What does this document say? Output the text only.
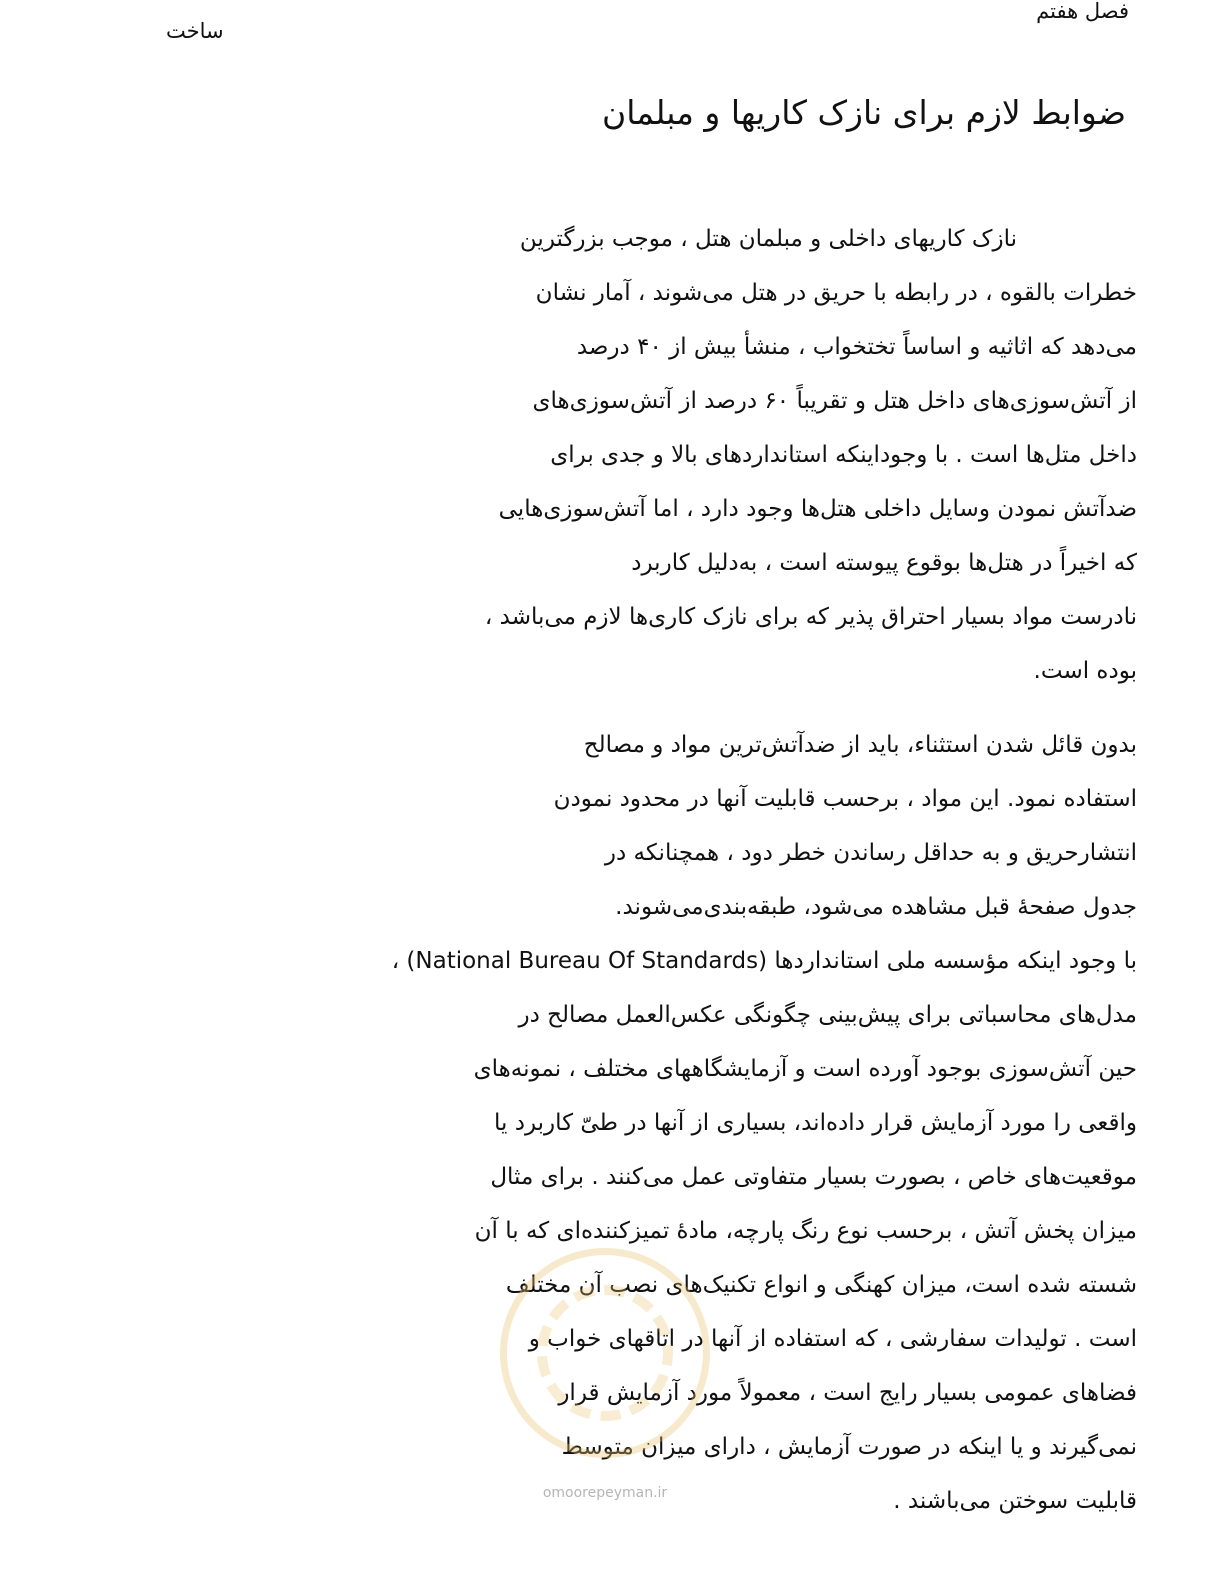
فصل هفتم
ساخت
ضوابط لازم برای نازک کاریها و مبلمان
نازک کاریهای داخلی و مبلمان هتل ، موجب بزرگترین
خطرات بالقوه ، در رابطه با حریق در هتل می‌شوند ، آمار نشان
می‌دهد که اثاثیه و اساساً تختخواب ، منشأ بیش از ۴۰ درصد
از آتش‌سوزی‌های داخل هتل و تقریباً ۶۰ درصد از آتش‌سوزی‌های
داخل متل‌ها است . با وجوداینکه استانداردهای بالا و جدی برای
ضدآتش نمودن وسایل داخلی هتل‌ها وجود دارد ، اما آتش‌سوزی‌هایی
که اخیراً در هتل‌ها بوقوع پیوسته است ، به‌دلیل کاربرد
نادرست مواد بسیار احتراق پذیر که برای نازک کاری‌ها لازم می‌باشد ،
بوده است.
بدون قائل شدن استثناء، باید از ضدآتش‌ترین مواد و مصالح
استفاده نمود. این مواد ، برحسب قابلیت آنها در محدود نمودن
انتشارحریق و به حداقل رساندن خطر دود ، همچنانکه در
جدول صفحهٔ قبل مشاهده می‌شود، طبقه‌بندی‌می‌شوند.
با وجود اینکه مؤسسه ملی استانداردها (National Bureau Of Standards) ،
مدل‌های محاسباتی برای پیش‌بینی چگونگی عکس‌العمل مصالح در
حین آتش‌سوزی بوجود آورده است و آزمایشگاههای مختلف ، نمونه‌های
واقعی را مورد آزمایش قرار داده‌اند، بسیاری از آنها در طیّ کاربرد یا
موقعیت‌های خاص ، بصورت بسیار متفاوتی عمل می‌کنند . برای مثال
میزان پخش آتش ، برحسب نوع رنگ پارچه، مادهٔ تمیزکننده‌ای که با آن
شسته شده است، میزان کهنگی و انواع تکنیک‌های نصب آن مختلف
است . تولیدات سفارشی ، که استفاده از آنها در اتاقهای خواب و
فضاهای عمومی بسیار رایج است ، معمولاً مورد آزمایش قرار
نمی‌گیرند و یا اینکه در صورت آزمایش ، دارای میزان متوسط
قابلیت سوختن می‌باشند .
omoorepeyman.ir
